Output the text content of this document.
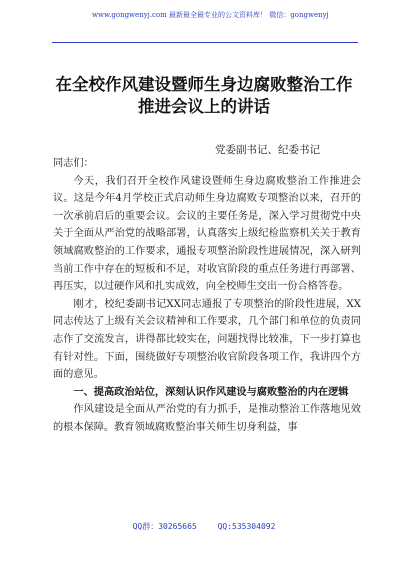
www.gongwenyj.com 最新最全最专业的公文资料库！ 微信：gongwenyj
在全校作风建设暨师生身边腐败整治工作
推进会议上的讲话
党委副书记、纪委书记

同志们：

今天，我们召开全校作风建设暨师生身边腐败整治工作推进会议。这是今年4月学校正式启动师生身边腐败专项整治以来，召开的一次承前启后的重要会议。会议的主要任务是，深入学习贯彻党中央关于全面从严治党的战略部署，认真落实上级纪检监察机关关于教育领域腐败整治的工作要求，通报专项整治阶段性进展情况，深入研判当前工作中存在的短板和不足，对收官阶段的重点任务进行再部署、再压实，以过硬作风和扎实成效，向全校师生交出一份合格答卷。

刚才，校纪委副书记XX同志通报了专项整治的阶段性进展，XX同志传达了上级有关会议精神和工作要求，几个部门和单位的负责同志作了交流发言，讲得都比较实在，问题找得比较准，下一步打算也有针对性。下面，围绕做好专项整治收官阶段各项工作，我讲四个方面的意见。

一、提高政治站位，深刻认识作风建设与腐败整治的内在逻辑

作风建设是全面从严治党的有力抓手，是推动整治工作落地见效的根本保障。教育领域腐败整治事关师生切身利益，事

QQ群：30265665	QQ:535304092
